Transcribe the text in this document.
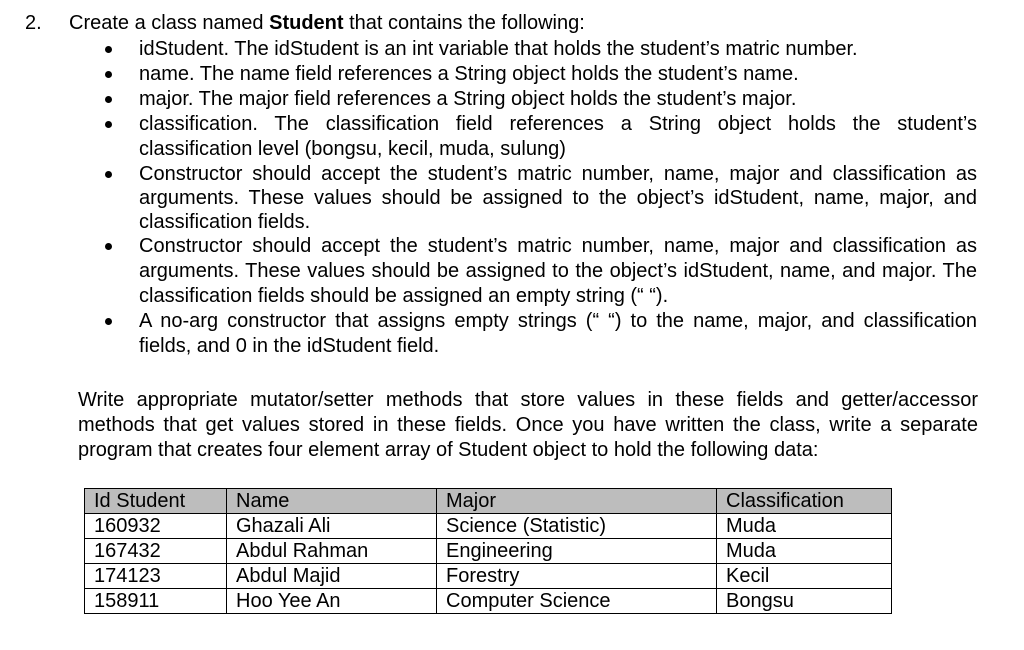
2. Create a class named Student that contains the following:
idStudent. The idStudent is an int variable that holds the student’s matric number.
name. The name field references a String object holds the student’s name.
major. The major field references a String object holds the student’s major.
classification. The classification field references a String object holds the student’s classification level (bongsu, kecil, muda, sulung)
Constructor should accept the student’s matric number, name, major and classification as arguments. These values should be assigned to the object’s idStudent, name, major, and classification fields.
Constructor should accept the student’s matric number, name, major and classification as arguments. These values should be assigned to the object’s idStudent, name, and major. The classification fields should be assigned an empty string (“ “).
A no-arg constructor that assigns empty strings (“ “) to the name, major, and classification fields, and 0 in the idStudent field.
Write appropriate mutator/setter methods that store values in these fields and getter/accessor methods that get values stored in these fields. Once you have written the class, write a separate program that creates four element array of Student object to hold the following data:
Id Student	Name	Major	Classification
160932	Ghazali Ali	Science (Statistic)	Muda
167432	Abdul Rahman	Engineering	Muda
174123	Abdul Majid	Forestry	Kecil
158911	Hoo Yee An	Computer Science	Bongsu
